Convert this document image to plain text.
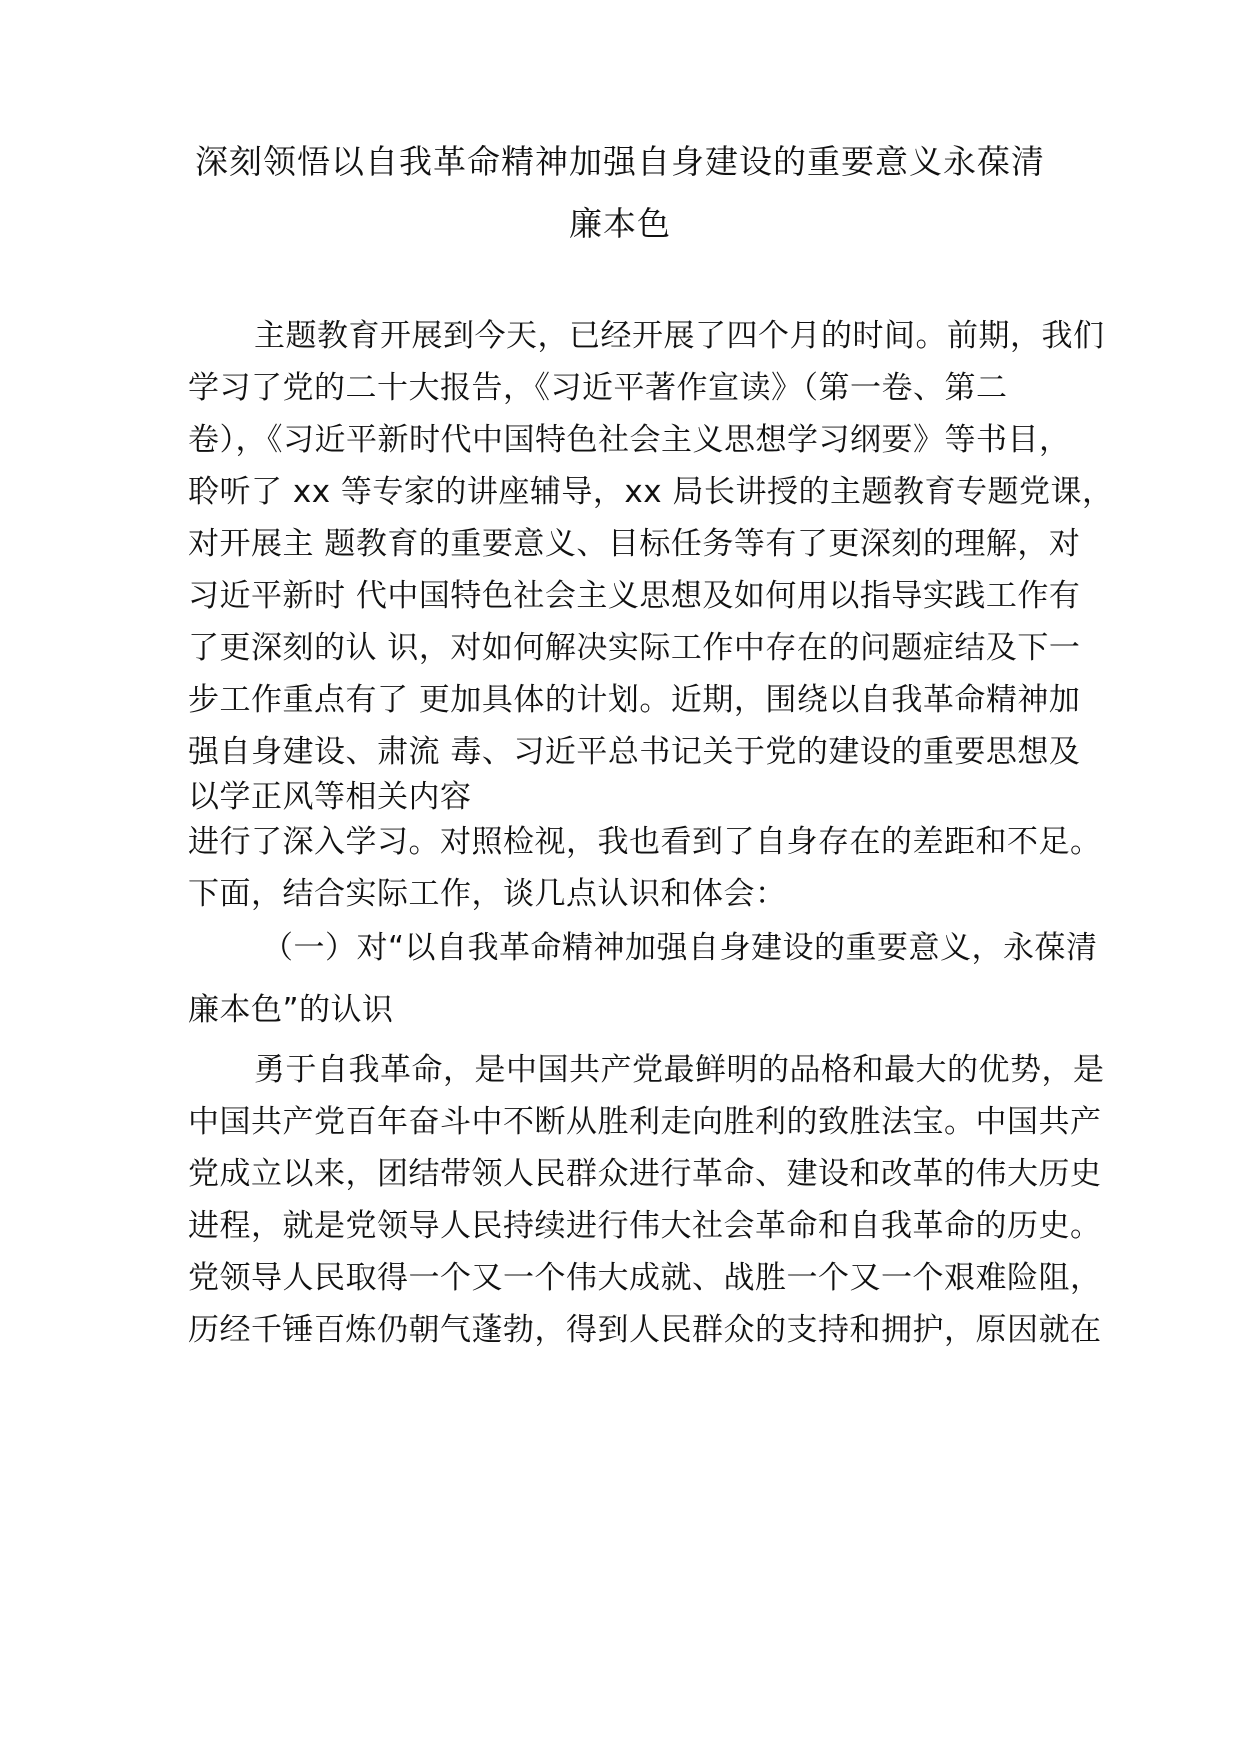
深刻领悟以自我革命精神加强自身建设的重要意义永葆清
廉本色
主题教育开展到今天，已经开展了四个月的时间。前期，我们
学习了党的二十大报告，《习近平著作宣读》（第一卷、第二
卷），《习近平新时代中国特色社会主义思想学习纲要》等书目，
聆听了 xx 等专家的讲座辅导，xx 局长讲授的主题教育专题党课，
对开展主 题教育的重要意义、目标任务等有了更深刻的理解，对
习近平新时 代中国特色社会主义思想及如何用以指导实践工作有
了更深刻的认 识，对如何解决实际工作中存在的问题症结及下一
步工作重点有了 更加具体的计划。近期，围绕以自我革命精神加
强自身建设、肃流 毒、习近平总书记关于党的建设的重要思想及
以学正风等相关内容
进行了深入学习。对照检视，我也看到了自身存在的差距和不足。
下面，结合实际工作，谈几点认识和体会：
（一）对“以自我革命精神加强自身建设的重要意义，永葆清
廉本色”的认识
勇于自我革命，是中国共产党最鲜明的品格和最大的优势，是
中国共产党百年奋斗中不断从胜利走向胜利的致胜法宝。中国共产
党成立以来，团结带领人民群众进行革命、建设和改革的伟大历史
进程，就是党领导人民持续进行伟大社会革命和自我革命的历史。
党领导人民取得一个又一个伟大成就、战胜一个又一个艰难险阻，
历经千锤百炼仍朝气蓬勃，得到人民群众的支持和拥护，原因就在
